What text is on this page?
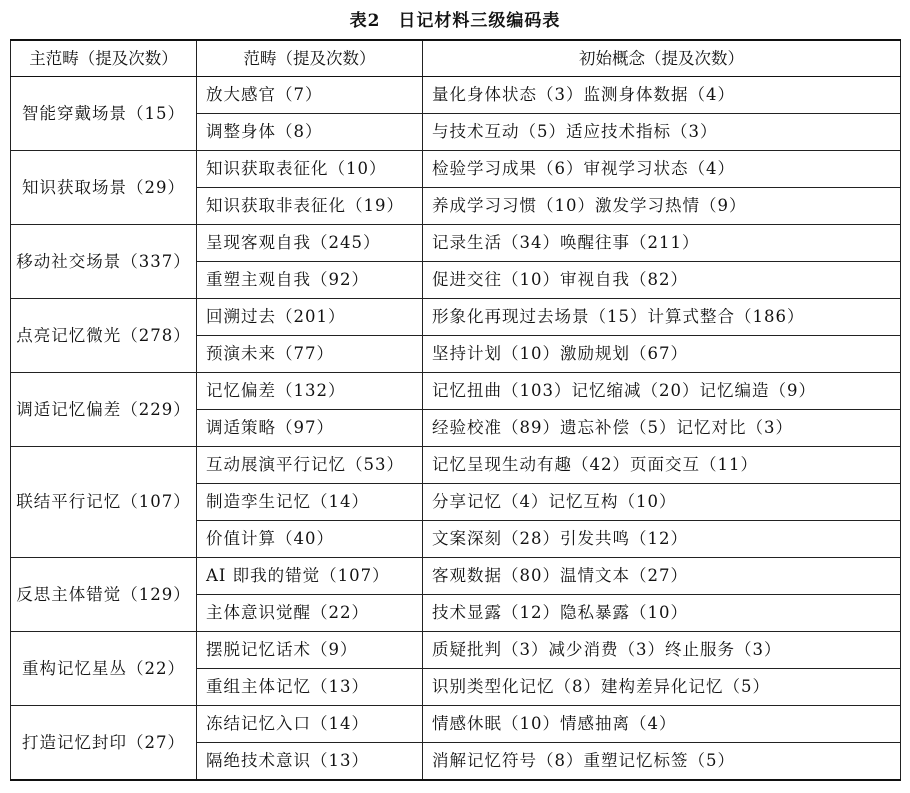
表2　日记材料三级编码表
主范畴（提及次数）	范畴（提及次数）	初始概念（提及次数）
智能穿戴场景（15）	放大感官（7）	量化身体状态（3）监测身体数据（4）
	调整身体（8）	与技术互动（5）适应技术指标（3）
知识获取场景（29）	知识获取表征化（10）	检验学习成果（6）审视学习状态（4）
	知识获取非表征化（19）	养成学习习惯（10）激发学习热情（9）
移动社交场景（337）	呈现客观自我（245）	记录生活（34）唤醒往事（211）
	重塑主观自我（92）	促进交往（10）审视自我（82）
点亮记忆微光（278）	回溯过去（201）	形象化再现过去场景（15）计算式整合（186）
	预演未来（77）	坚持计划（10）激励规划（67）
调适记忆偏差（229）	记忆偏差（132）	记忆扭曲（103）记忆缩减（20）记忆编造（9）
	调适策略（97）	经验校准（89）遗忘补偿（5）记忆对比（3）
联结平行记忆（107）	互动展演平行记忆（53）	记忆呈现生动有趣（42）页面交互（11）
	制造孪生记忆（14）	分享记忆（4）记忆互构（10）
	价值计算（40）	文案深刻（28）引发共鸣（12）
反思主体错觉（129）	AI 即我的错觉（107）	客观数据（80）温情文本（27）
	主体意识觉醒（22）	技术显露（12）隐私暴露（10）
重构记忆星丛（22）	摆脱记忆话术（9）	质疑批判（3）减少消费（3）终止服务（3）
	重组主体记忆（13）	识别类型化记忆（8）建构差异化记忆（5）
打造记忆封印（27）	冻结记忆入口（14）	情感休眠（10）情感抽离（4）
	隔绝技术意识（13）	消解记忆符号（8）重塑记忆标签（5）
